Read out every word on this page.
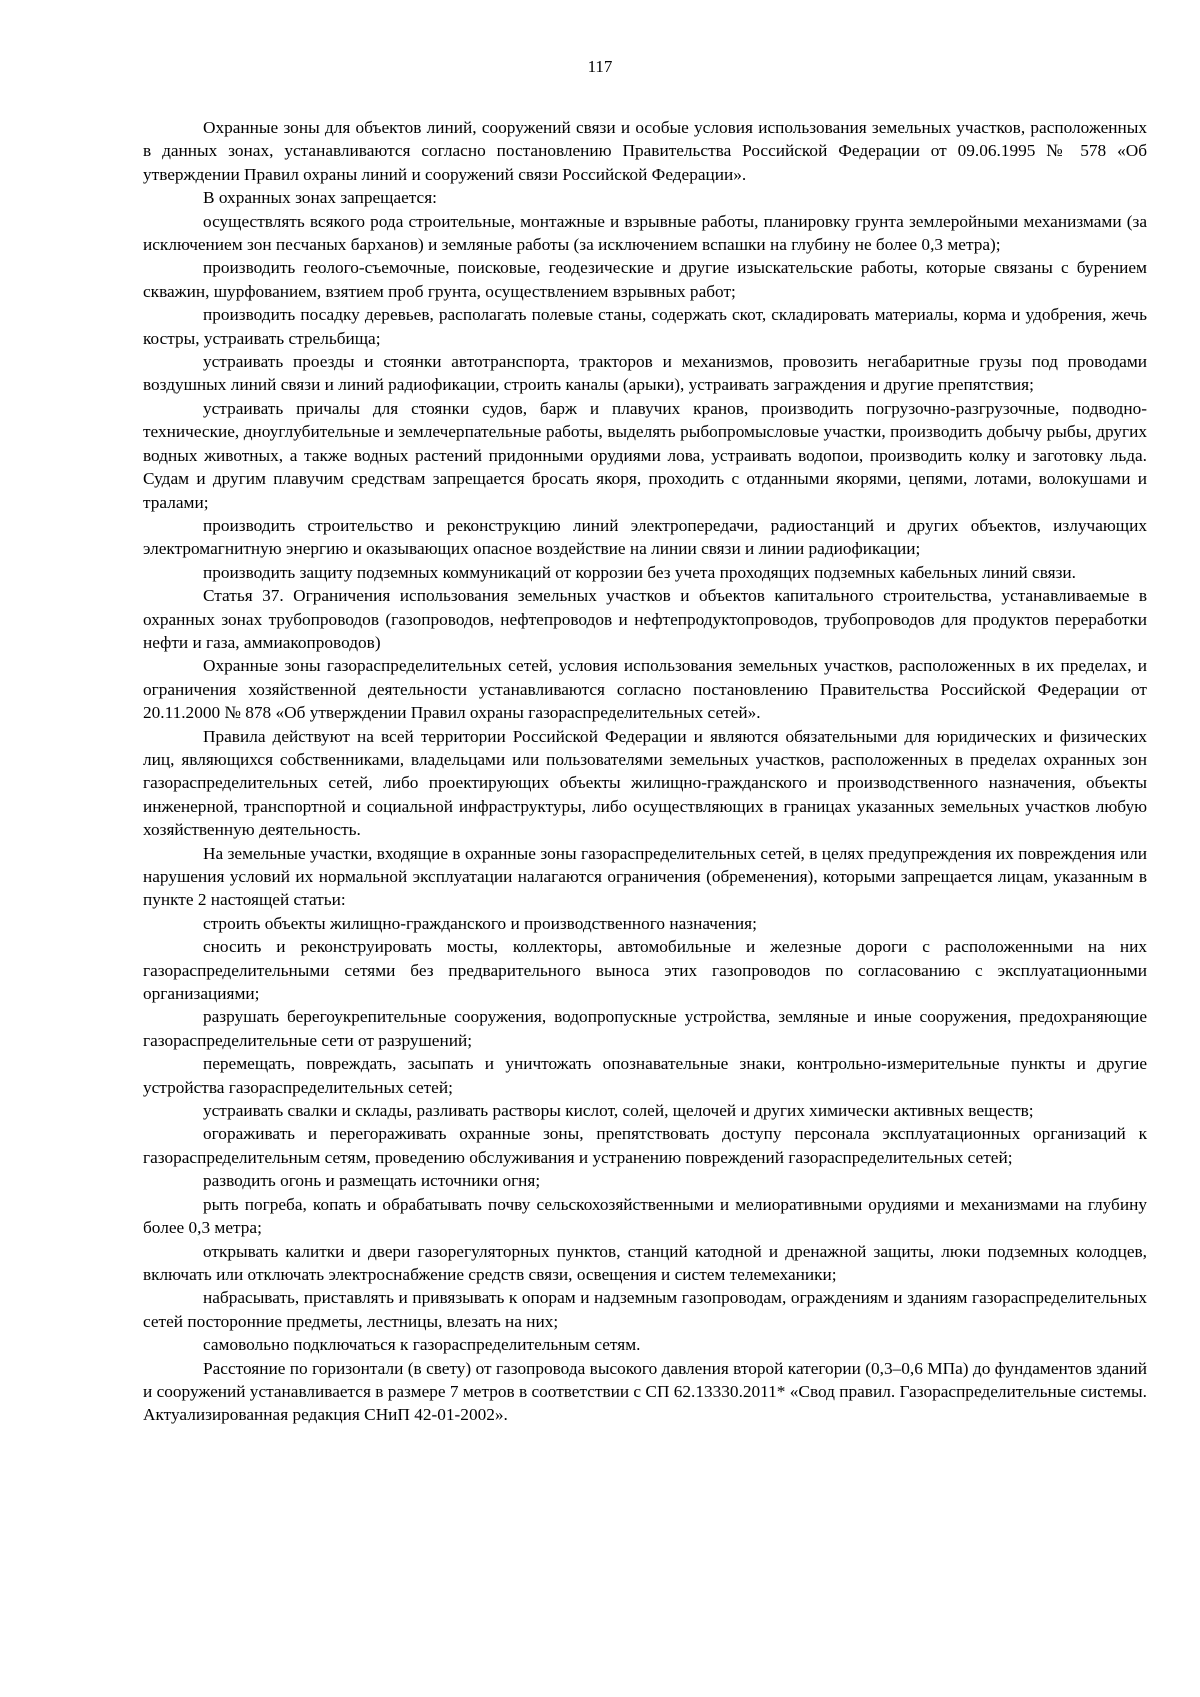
117

Охранные зоны для объектов линий, сооружений связи и особые условия использования земельных участков, расположенных в данных зонах, устанавливаются согласно постановлению Правительства Российской Федерации от 09.06.1995 № 578 «Об утверждении Правил охраны линий и сооружений связи Российской Федерации».

В охранных зонах запрещается:

осуществлять всякого рода строительные, монтажные и взрывные работы, планировку грунта землеройными механизмами (за исключением зон песчаных барханов) и земляные работы (за исключением вспашки на глубину не более 0,3 метра);

производить геолого-съемочные, поисковые, геодезические и другие изыскательские работы, которые связаны с бурением скважин, шурфованием, взятием проб грунта, осуществлением взрывных работ;

производить посадку деревьев, располагать полевые станы, содержать скот, складировать материалы, корма и удобрения, жечь костры, устраивать стрельбища;

устраивать проезды и стоянки автотранспорта, тракторов и механизмов, провозить негабаритные грузы под проводами воздушных линий связи и линий радиофикации, строить каналы (арыки), устраивать заграждения и другие препятствия;

устраивать причалы для стоянки судов, барж и плавучих кранов, производить погрузочно-разгрузочные, подводно-технические, дноуглубительные и землечерпательные работы, выделять рыбопромысловые участки, производить добычу рыбы, других водных животных, а также водных растений придонными орудиями лова, устраивать водопои, производить колку и заготовку льда. Судам и другим плавучим средствам запрещается бросать якоря, проходить с отданными якорями, цепями, лотами, волокушами и тралами;

производить строительство и реконструкцию линий электропередачи, радиостанций и других объектов, излучающих электромагнитную энергию и оказывающих опасное воздействие на линии связи и линии радиофикации;

производить защиту подземных коммуникаций от коррозии без учета проходящих подземных кабельных линий связи.

Статья 37. Ограничения использования земельных участков и объектов капитального строительства, устанавливаемые в охранных зонах трубопроводов (газопроводов, нефтепроводов и нефтепродуктопроводов, трубопроводов для продуктов переработки нефти и газа, аммиакопроводов)

Охранные зоны газораспределительных сетей, условия использования земельных участков, расположенных в их пределах, и ограничения хозяйственной деятельности устанавливаются согласно постановлению Правительства Российской Федерации от 20.11.2000 № 878 «Об утверждении Правил охраны газораспределительных сетей».

Правила действуют на всей территории Российской Федерации и являются обязательными для юридических и физических лиц, являющихся собственниками, владельцами или пользователями земельных участков, расположенных в пределах охранных зон газораспределительных сетей, либо проектирующих объекты жилищно-гражданского и производственного назначения, объекты инженерной, транспортной и социальной инфраструктуры, либо осуществляющих в границах указанных земельных участков любую хозяйственную деятельность.

На земельные участки, входящие в охранные зоны газораспределительных сетей, в целях предупреждения их повреждения или нарушения условий их нормальной эксплуатации налагаются ограничения (обременения), которыми запрещается лицам, указанным в пункте 2 настоящей статьи:

строить объекты жилищно-гражданского и производственного назначения;

сносить и реконструировать мосты, коллекторы, автомобильные и железные дороги с расположенными на них газораспределительными сетями без предварительного выноса этих газопроводов по согласованию с эксплуатационными организациями;

разрушать берегоукрепительные сооружения, водопропускные устройства, земляные и иные сооружения, предохраняющие газораспределительные сети от разрушений;

перемещать, повреждать, засыпать и уничтожать опознавательные знаки, контрольно-измерительные пункты и другие устройства газораспределительных сетей;

устраивать свалки и склады, разливать растворы кислот, солей, щелочей и других химически активных веществ;

огораживать и перегораживать охранные зоны, препятствовать доступу персонала эксплуатационных организаций к газораспределительным сетям, проведению обслуживания и устранению повреждений газораспределительных сетей;

разводить огонь и размещать источники огня;

рыть погреба, копать и обрабатывать почву сельскохозяйственными и мелиоративными орудиями и механизмами на глубину более 0,3 метра;

открывать калитки и двери газорегуляторных пунктов, станций катодной и дренажной защиты, люки подземных колодцев, включать или отключать электроснабжение средств связи, освещения и систем телемеханики;

набрасывать, приставлять и привязывать к опорам и надземным газопроводам, ограждениям и зданиям газораспределительных сетей посторонние предметы, лестницы, влезать на них;

самовольно подключаться к газораспределительным сетям.

Расстояние по горизонтали (в свету) от газопровода высокого давления второй категории (0,3–0,6 МПа) до фундаментов зданий и сооружений устанавливается в размере 7 метров в соответствии с СП 62.13330.2011* «Свод правил. Газораспределительные системы. Актуализированная редакция СНиП 42-01-2002».
